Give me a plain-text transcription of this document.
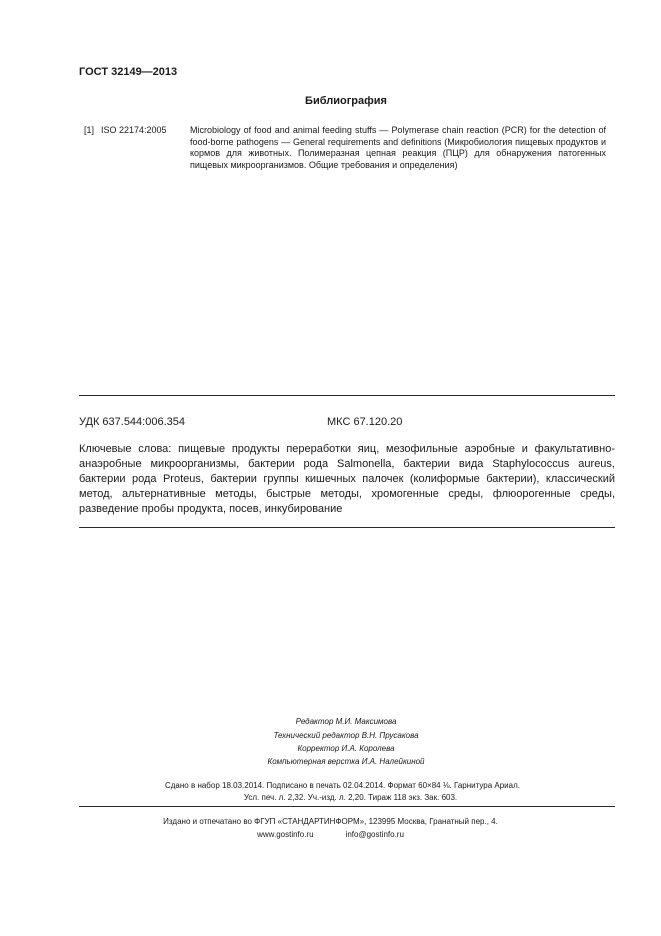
ГОСТ 32149—2013
Библиография
[1] ISO 22174:2005	Microbiology of food and animal feeding stuffs — Polymerase chain reaction (PCR) for the detection of food-borne pathogens — General requirements and definitions (Микробиология пищевых продуктов и кормов для животных. Полимеразная цепная реакция (ПЦР) для обнаружения патогенных пищевых микроорганизмов. Общие требования и определения)
УДК 637.544:006.354	МКС 67.120.20
Ключевые слова: пищевые продукты переработки яиц, мезофильные аэробные и факультативно-анаэробные микроорганизмы, бактерии рода Salmonella, бактерии вида Staphylococcus aureus, бактерии рода Proteus, бактерии группы кишечных палочек (колиформые бактерии), классический метод, альтернативные методы, быстрые методы, хромогенные среды, флюорогенные среды, разведение пробы продукта, посев, инкубирование
Редактор М.И. Максимова
Технический редактор В.Н. Прусакова
Корректор И.А. Королева
Компьютерная верстка И.А. Налейкиной
Сдано в набор 18.03.2014. Подписано в печать 02.04.2014. Формат 60×84 ⅛. Гарнитура Ариал.
Усл. печ. л. 2,32. Уч.-изд. л. 2,20. Тираж 118 экз. Зак. 603.
Издано и отпечатано во ФГУП «СТАНДАРТИНФОРМ», 123995 Москва, Гранатный пер., 4.
www.gostinfo.ru	info@gostinfo.ru
